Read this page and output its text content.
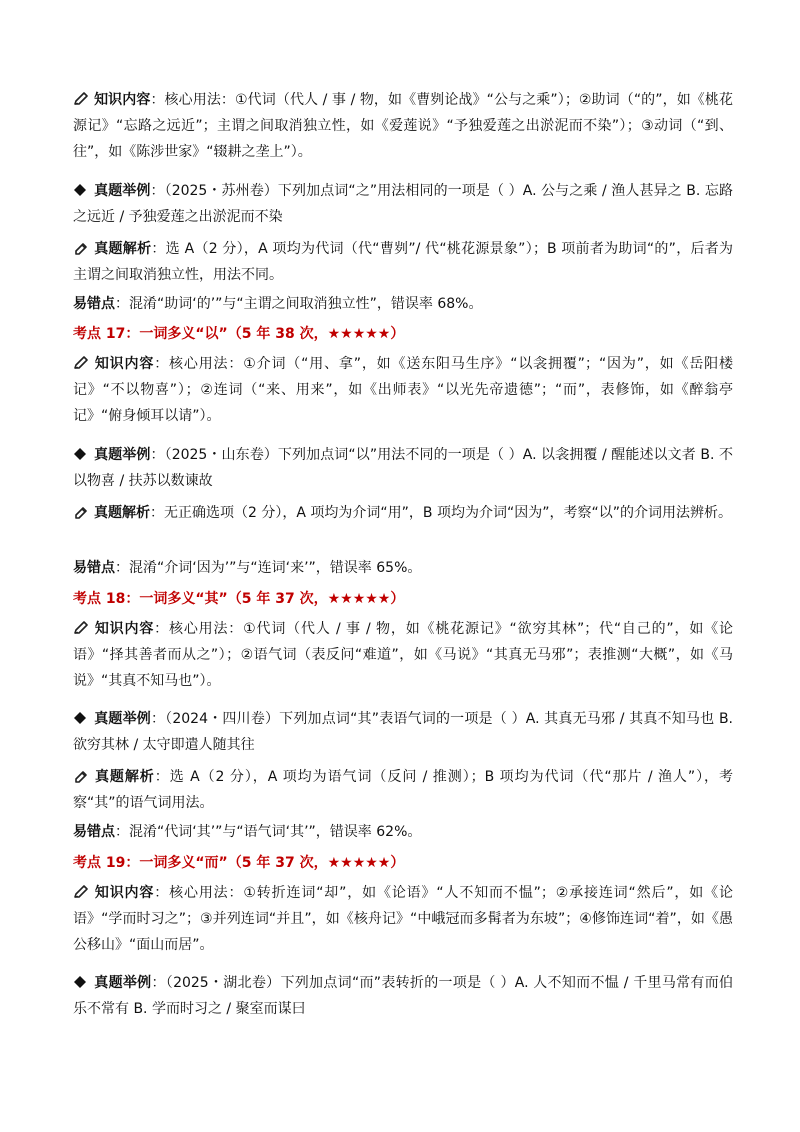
知识内容：核心用法：①代词（代人 / 事 / 物，如《曹刿论战》“公与之乘”）；②助词（“的”，如《桃花源记》“忘路之远近”；主谓之间取消独立性，如《爱莲说》“予独爱莲之出淤泥而不染”）；③动词（“到、往”，如《陈涉世家》“辍耕之垄上”）。
真题举例：（2025・苏州卷）下列加点词“之”用法相同的一项是（ ）A. 公与之乘 / 渔人甚异之 B. 忘路之远近 / 予独爱莲之出淤泥而不染
真题解析：选 A（2 分），A 项均为代词（代“曹刿”/ 代“桃花源景象”）；B 项前者为助词“的”，后者为主谓之间取消独立性，用法不同。
易错点：混淆“助词‘的’”与“主谓之间取消独立性”，错误率 68%。
考点 17：一词多义“以”（5 年 38 次，★★★★★）
知识内容：核心用法：①介词（“用、拿”，如《送东阳马生序》“以衾拥覆”；“因为”，如《岳阳楼记》“不以物喜”）；②连词（“来、用来”，如《出师表》“以光先帝遗德”；“而”，表修饰，如《醉翁亭记》“俯身倾耳以请”）。
真题举例：（2025・山东卷）下列加点词“以”用法不同的一项是（ ）A. 以衾拥覆 / 醒能述以文者 B. 不以物喜 / 扶苏以数谏故
真题解析：无正确选项（2 分），A 项均为介词“用”，B 项均为介词“因为”，考察“以”的介词用法辨析。
易错点：混淆“介词‘因为’”与“连词‘来’”，错误率 65%。
考点 18：一词多义“其”（5 年 37 次，★★★★★）
知识内容：核心用法：①代词（代人 / 事 / 物，如《桃花源记》“欲穷其林”；代“自己的”，如《论语》“择其善者而从之”）；②语气词（表反问“难道”，如《马说》“其真无马邪”；表推测“大概”，如《马说》“其真不知马也”）。
真题举例：（2024・四川卷）下列加点词“其”表语气词的一项是（ ）A. 其真无马邪 / 其真不知马也 B. 欲穷其林 / 太守即遣人随其往
真题解析：选 A（2 分），A 项均为语气词（反问 / 推测）；B 项均为代词（代“那片 / 渔人”），考察“其”的语气词用法。
易错点：混淆“代词‘其’”与“语气词‘其’”，错误率 62%。
考点 19：一词多义“而”（5 年 37 次，★★★★★）
知识内容：核心用法：①转折连词“却”，如《论语》“人不知而不愠”；②承接连词“然后”，如《论语》“学而时习之”；③并列连词“并且”，如《核舟记》“中峨冠而多髯者为东坡”；④修饰连词“着”，如《愚公移山》“面山而居”。
真题举例：（2025・湖北卷）下列加点词“而”表转折的一项是（ ）A. 人不知而不愠 / 千里马常有而伯乐不常有 B. 学而时习之 / 聚室而谋曰
